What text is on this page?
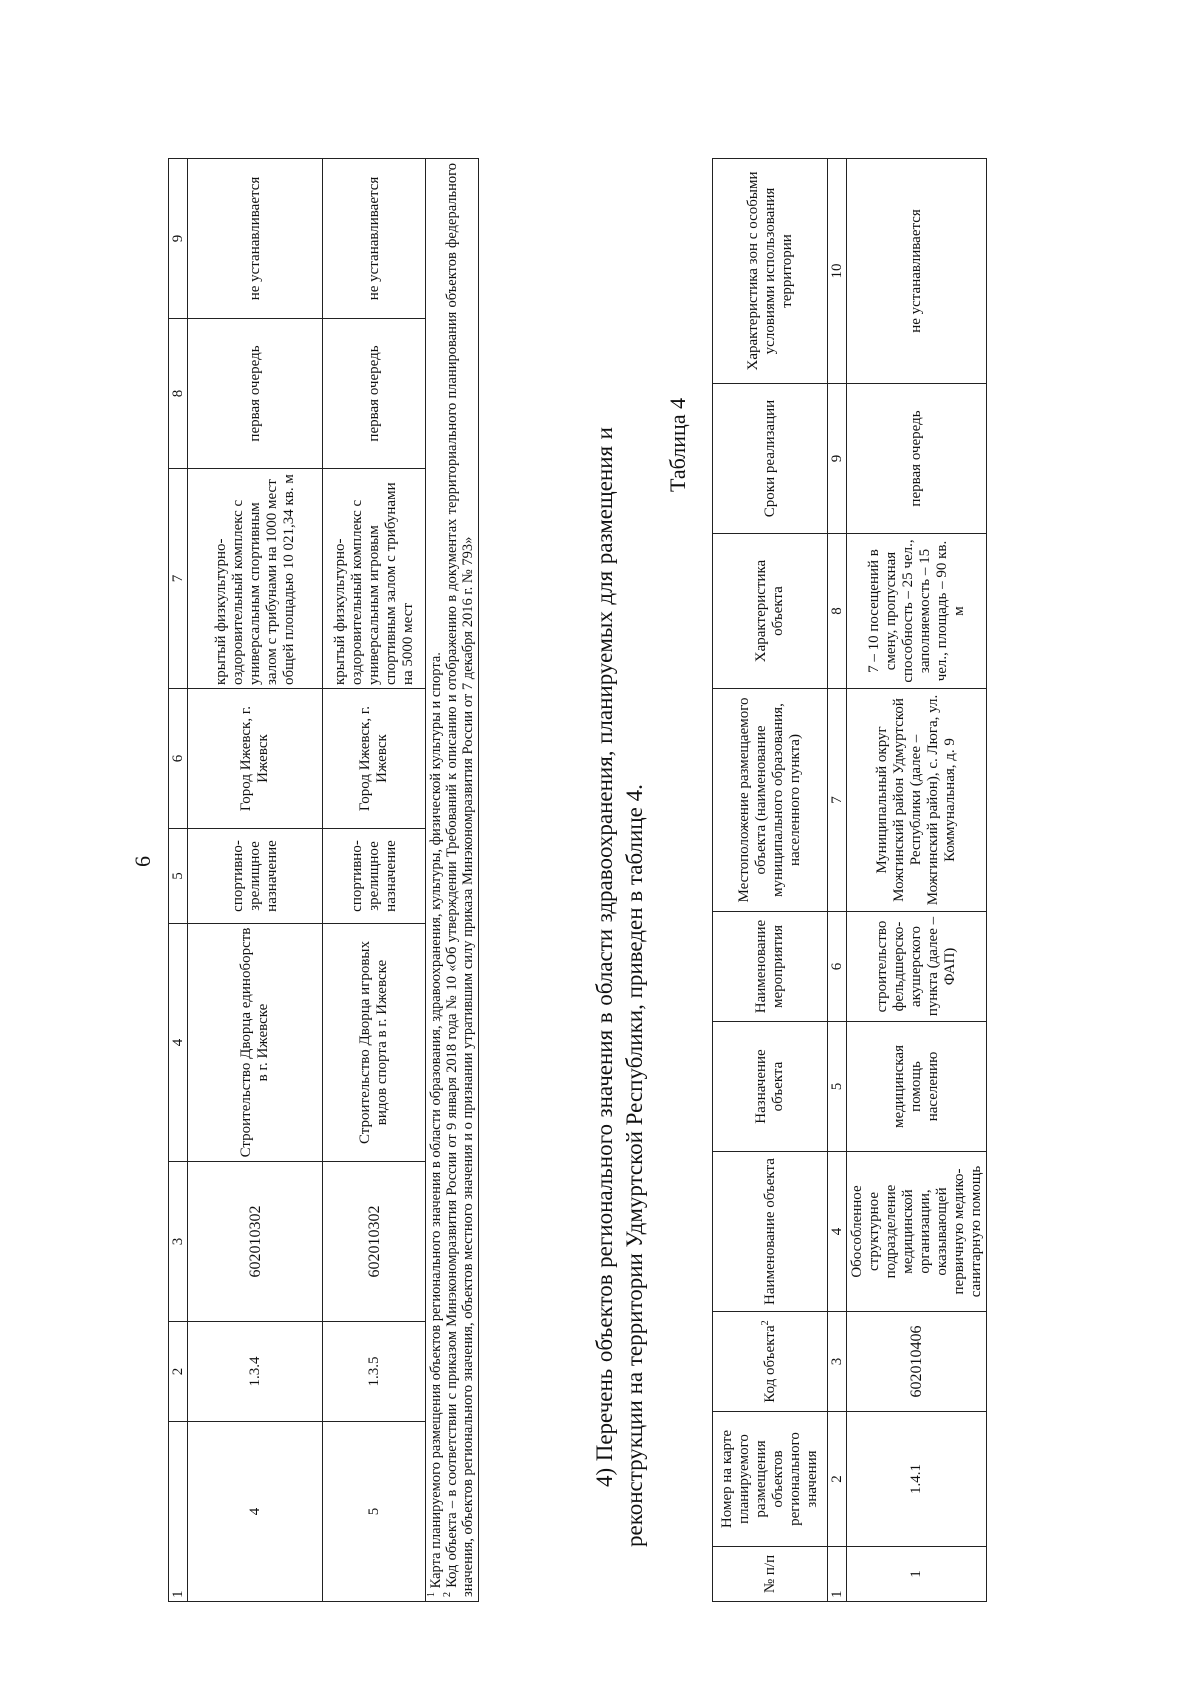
6
1	2	3	4	5	6	7	8	9
4	1.3.4	602010302	Строительство Дворца единоборств в г. Ижевске	спортивно-зрелищное назначение	Город Ижевск, г. Ижевск	крытый физкультурно-оздоровительный комплекс с универсальным спортивным залом с трибунами на 1000 мест общей площадью 10 021,34 кв. м	первая очередь	не устанавливается
5	1.3.5	602010302	Строительство Дворца игровых видов спорта в г. Ижевске	спортивно-зрелищное назначение	Город Ижевск, г. Ижевск	крытый физкультурно-оздоровительный комплекс с универсальным игровым спортивным залом с трибунами на 5000 мест	первая очередь	не устанавливается

$^1$ Карта планируемого размещения объектов регионального значения в области образования, здравоохранения, культуры, физической культуры и спорта.
$^2$ Код объекта – в соответствии с приказом Минэкономразвития России от 9 января 2018 года № 10 «Об утверждении Требований к описанию и отображению в документах территориального планирования объектов федерального значения, объектов регионального значения, объектов местного значения и о признании утратившим силу приказа Минэкономразвития России от 7 декабря 2016 г. № 793»									4) Перечень объектов регионального значения в области здравоохранения, планируемых для размещения и реконструкции на территории Удмуртской Республики, приведен в таблице 4.
Таблица 4
№ п/п	Номер на карте планируемого размещения объектов регионального значения	Код объекта$^2$	Наименование объекта	Назначение объекта	Наименование мероприятия	Местоположение размещаемого объекта (наименование муниципального образования, населенного пункта)	Характеристика объекта	Сроки реализации	Характеристика зон с особыми условиями использования территории
1	2	3	4	5	6	7	8	9	10
1	1.4.1	602010406	Обособленное структурное подразделение медицинской организации, оказывающей первичную медико-санитарную помощь	медицинская помощь населению	строительство фельдшерско-акушерского пункта (далее – ФАП)	Муниципальный округ Можгинский район Удмуртской Республики (далее – Можгинский район), с. Люга, ул. Коммунальная, д. 9	7 – 10 посещений в смену, пропускная способность – 25 чел., заполняемость – 15 чел., площадь – 90 кв. м	первая очередь	не устанавливается
